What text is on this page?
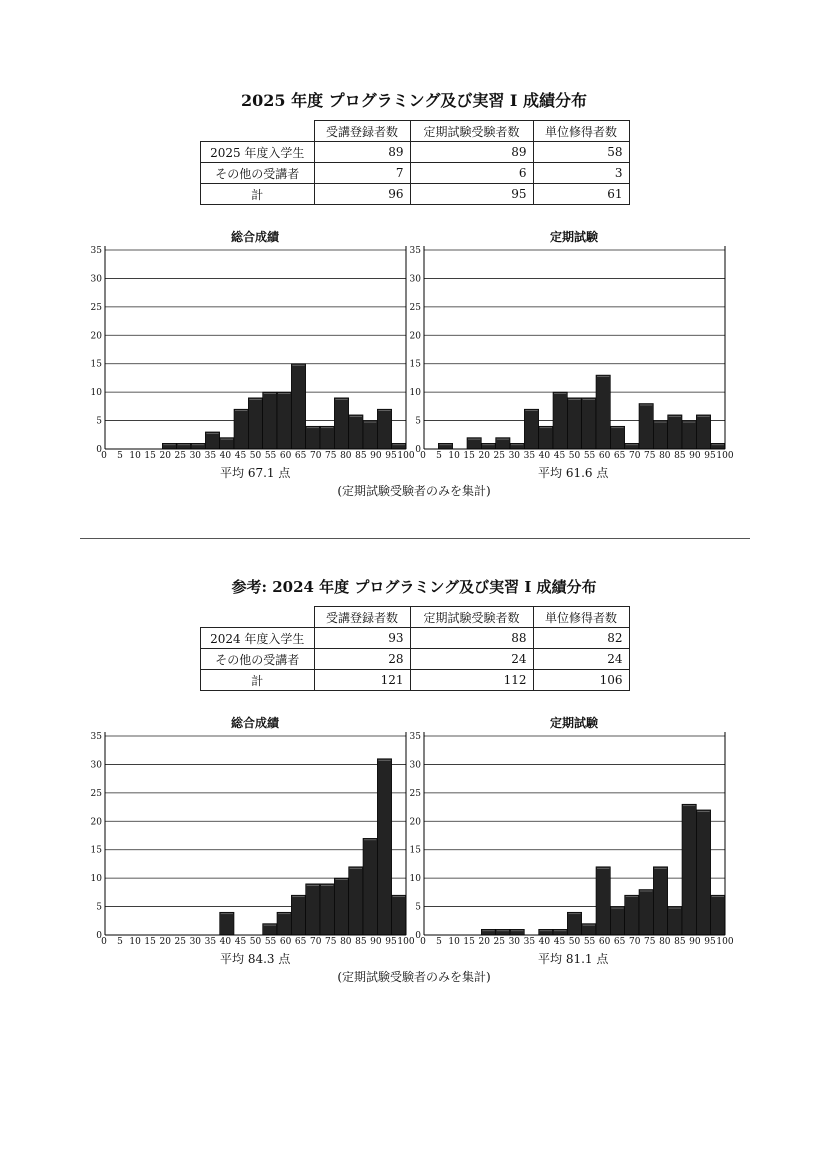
2025 年度 プログラミング及び実習 I 成績分布
	受講登録者数	定期試験受験者数	単位修得者数
2025 年度入学生	89	89	58
その他の受講者	7	6	3
計	96	95	61
総合成績	定期試験
0
5
10
15
20
25
30
35
0 5 10 15 20 25 30 35 40 45 50 55 60 65 70 75 80 85 90 95 100
0
5
10
15
20
25
30
35
0 5 10 15 20 25 30 35 40 45 50 55 60 65 70 75 80 85 90 95 100
平均 67.1 点	平均 61.6 点
(定期試験受験者のみを集計)
参考: 2024 年度 プログラミング及び実習 I 成績分布
	受講登録者数	定期試験受験者数	単位修得者数
2024 年度入学生	93	88	82
その他の受講者	28	24	24
計	121	112	106
総合成績	定期試験
0
5
10
15
20
25
30
35
0 5 10 15 20 25 30 35 40 45 50 55 60 65 70 75 80 85 90 95 100
0
5
10
15
20
25
30
35
0 5 10 15 20 25 30 35 40 45 50 55 60 65 70 75 80 85 90 95 100
平均 84.3 点	平均 81.1 点
(定期試験受験者のみを集計)
